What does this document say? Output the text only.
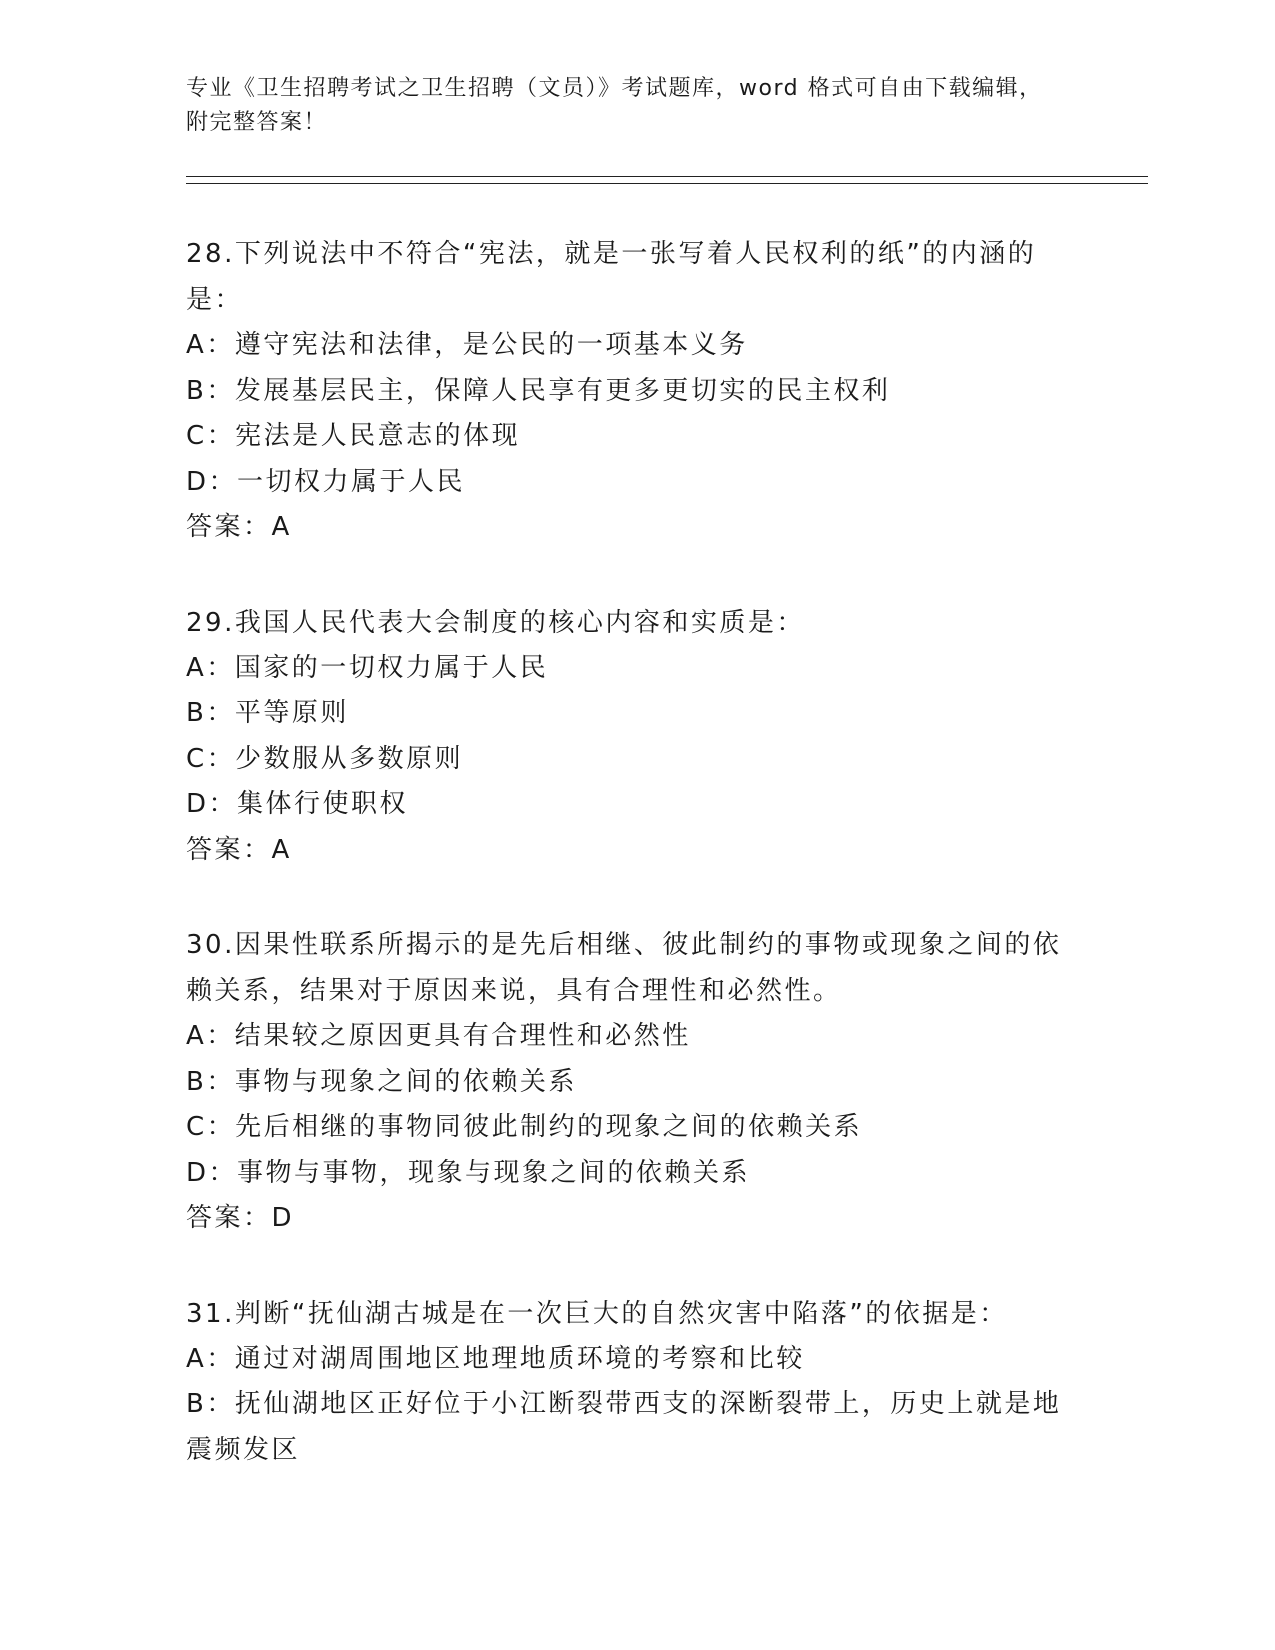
专业《卫生招聘考试之卫生招聘（文员）》考试题库，word 格式可自由下载编辑，附完整答案！

28.下列说法中不符合“宪法，就是一张写着人民权利的纸”的内涵的是：

A：遵守宪法和法律，是公民的一项基本义务

B：发展基层民主，保障人民享有更多更切实的民主权利

C：宪法是人民意志的体现

D：一切权力属于人民

答案：A

29.我国人民代表大会制度的核心内容和实质是：

A：国家的一切权力属于人民

B：平等原则

C：少数服从多数原则

D：集体行使职权

答案：A

30.因果性联系所揭示的是先后相继、彼此制约的事物或现象之间的依赖关系，结果对于原因来说，具有合理性和必然性。

A：结果较之原因更具有合理性和必然性

B：事物与现象之间的依赖关系

C：先后相继的事物同彼此制约的现象之间的依赖关系

D：事物与事物，现象与现象之间的依赖关系

答案：D

31.判断“抚仙湖古城是在一次巨大的自然灾害中陷落”的依据是：

A：通过对湖周围地区地理地质环境的考察和比较

B：抚仙湖地区正好位于小江断裂带西支的深断裂带上，历史上就是地震频发区
